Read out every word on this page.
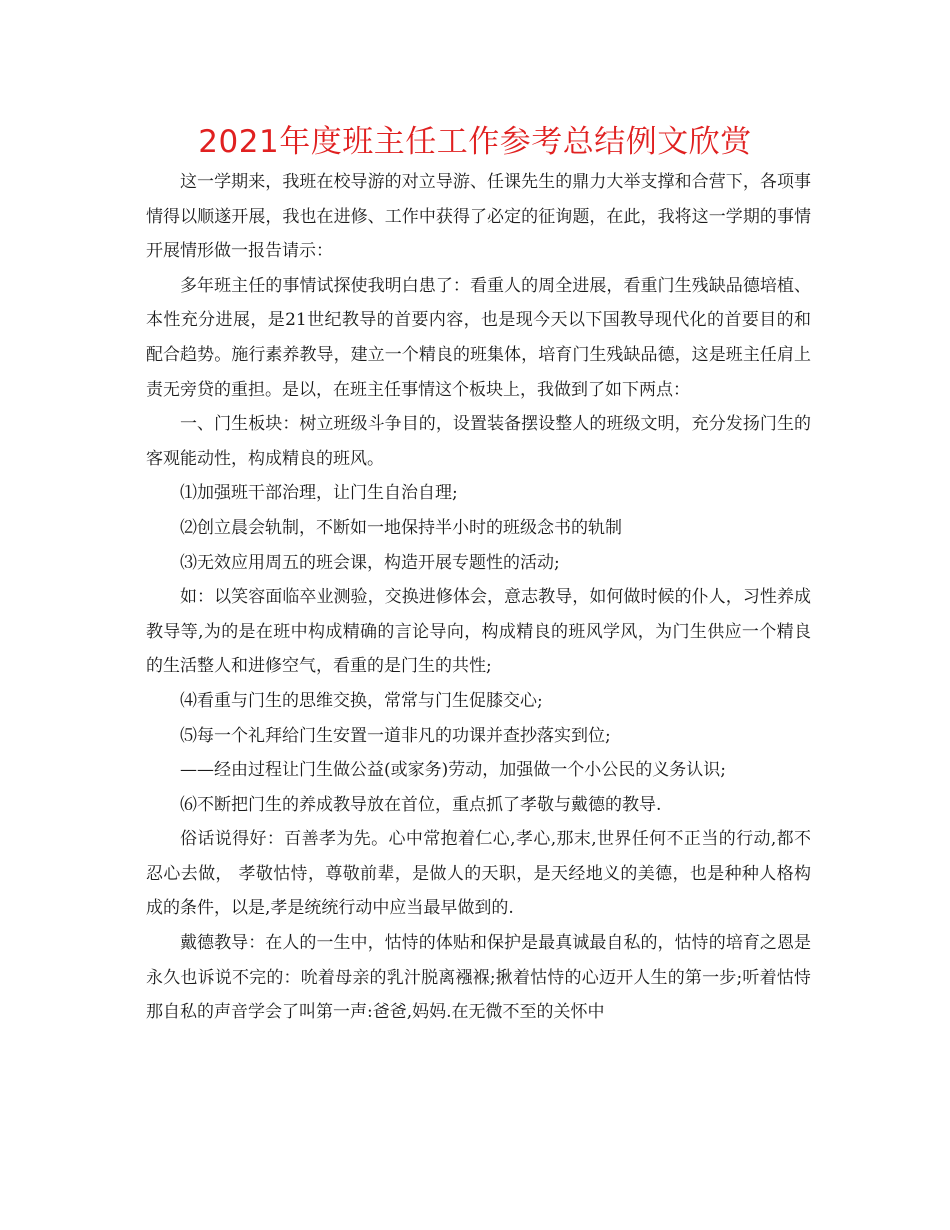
2021年度班主任工作参考总结例文欣赏

这一学期来，我班在校导游的对立导游、任课先生的鼎力大举支撑和合营下，各项事情得以顺遂开展，我也在进修、工作中获得了必定的征询题，在此，我将这一学期的事情开展情形做一报告请示：

多年班主任的事情试探使我明白患了：看重人的周全进展，看重门生残缺品德培植、本性充分进展，是21世纪教导的首要内容，也是现今天以下国教导现代化的首要目的和配合趋势。施行素养教导，建立一个精良的班集体，培育门生残缺品德，这是班主任肩上责无旁贷的重担。是以，在班主任事情这个板块上，我做到了如下两点：

一、门生板块：树立班级斗争目的，设置装备摆设整人的班级文明，充分发扬门生的客观能动性，构成精良的班风。

⑴加强班干部治理，让门生自治自理;

⑵创立晨会轨制，不断如一地保持半小时的班级念书的轨制

⑶无效应用周五的班会课，构造开展专题性的活动;

如：以笑容面临卒业测验，交换进修体会，意志教导，如何做时候的仆人，习性养成教导等,为的是在班中构成精确的言论导向，构成精良的班风学风，为门生供应一个精良的生活整人和进修空气，看重的是门生的共性;

⑷看重与门生的思维交换，常常与门生促膝交心;

⑸每一个礼拜给门生安置一道非凡的功课并查抄落实到位;

——经由过程让门生做公益(或家务)劳动，加强做一个小公民的义务认识;

⑹不断把门生的养成教导放在首位，重点抓了孝敬与戴德的教导.

俗话说得好：百善孝为先。心中常抱着仁心,孝心,那末,世界任何不正当的行动,都不忍心去做， 孝敬怙恃，尊敬前辈，是做人的天职，是天经地义的美德，也是种种人格构成的条件，以是,孝是统统行动中应当最早做到的.

戴德教导：在人的一生中，怙恃的体贴和保护是最真诚最自私的，怙恃的培育之恩是永久也诉说不完的：吮着母亲的乳汁脱离襁褓;揪着怙恃的心迈开人生的第一步;听着怙恃那自私的声音学会了叫第一声:爸爸,妈妈.在无微不至的关怀中
